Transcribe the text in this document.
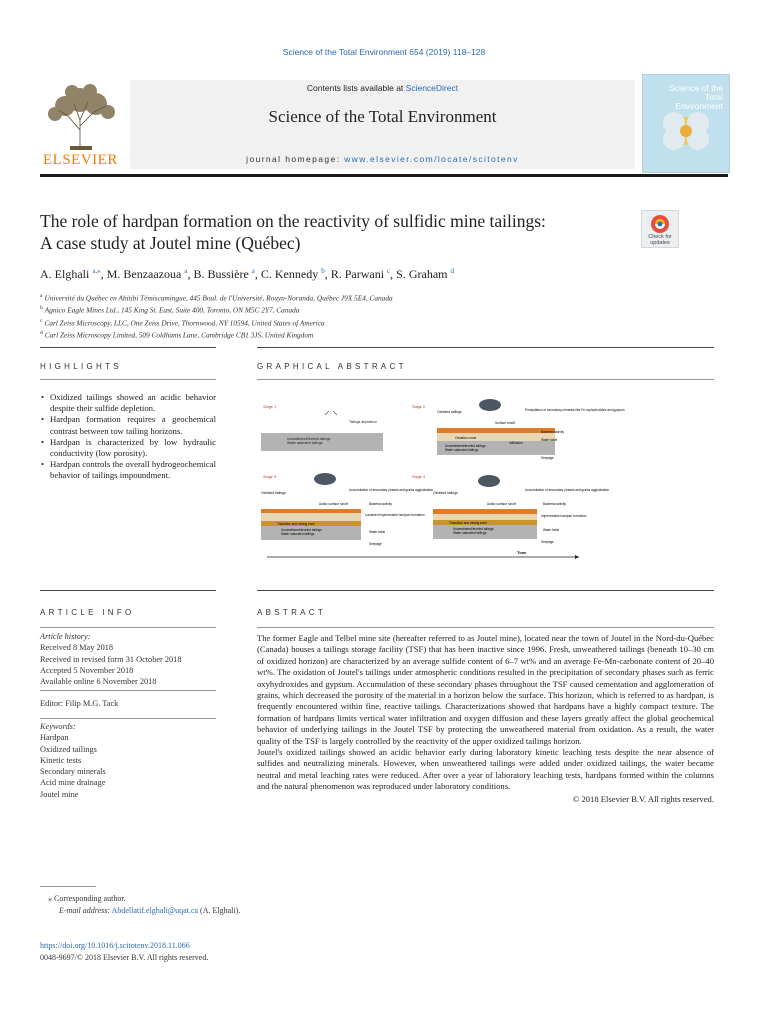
Science of the Total Environment 654 (2019) 118–128
ELSEVIER
Contents lists available at ScienceDirect
Science of the Total Environment
journal homepage: www.elsevier.com/locate/scitotenv
Science of the Total Environment
The role of hardpan formation on the reactivity of sulfidic mine tailings:
A case study at Joutel mine (Québec)	Check for updates
A. Elghali $^{a,⁎}$, M. Benzaazoua $^a$, B. Bussière $^a$, C. Kennedy $^b$, R. Parwani $^c$, S. Graham $^d$
$^a$ Université du Québec en Abitibi Témiscamingue, 445 Boul. de l'Université, Rouyn-Noranda, Québec J9X 5E4, Canada
$^b$ Agnico Eagle Mines Ltd., 145 King St. East, Suite 400, Toronto, ON M5C 2Y7, Canada
$^c$ Carl Zeiss Microscopy, LLC, One Zeiss Drive, Thornwood, NY 10594, United States of America
$^d$ Carl Zeiss Microscopy Limited, 509 Coldhams Lane, Cambridge CB1 3JS, United Kingdom
HIGHLIGHTS	GRAPHICAL ABSTRACT
• Oxidized tailings showed an acidic behavior despite their sulfide depletion.
• Hardpan formation requires a geochemical contrast between tow tailing horizons.
• Hardpan is characterized by low hydraulic conductivity (low porosity).
• Hardpan controls the overall hydrogeochemical behavior of tailings impoundment.
Stage 1
Unweathered/leveled tailings
Water saturated tailings
Tailings deposition
Stage 2
Oxidized tailings	Precipitation of secondary minerals like Fe-oxyhydroxides and gypsum
Surface runoff
Oxidation zone
Unweathered/leveled tailings
Water saturated tailings
Bacterial activity
Water table
Infiltration
Seepage
Stage 3
Oxidized tailings
Accumulation of secondary phases and grains agglutination
Acidic surface runoff	Bacterial activity
Transition and mixing zone
Unweathered/leveled tailings
Water saturated tailings
Localized impermeable hardpan formation
Water table
Seepage
Stage 4
Oxidized tailings
Accumulation of secondary phases and grains agglutination
Acidic surface runoff	Bacterial activity
Transition and mixing zone
Unweathered/leveled tailings
Water saturated tailings
Impermeable hardpan formation
Water table
Seepage
Time
ARTICLE INFO	ABSTRACT
Article history:
Received 8 May 2018
Received in revised form 31 October 2018
Accepted 5 November 2018
Available online 6 November 2018
Editor: Filip M.G. Tack
Keywords:
Hardpan
Oxidized tailings
Kinetic tests
Secondary minerals
Acid mine drainage
Joutel mine

The former Eagle and Telbel mine site (hereafter referred to as Joutel mine), located near the town of Joutel in the Nord-du-Québec (Canada) houses a tailings storage facility (TSF) that has been inactive since 1996. Fresh, unweathered tailings (beneath 10–30 cm of oxidized horizon) are characterized by an average sulfide content of 6–7 wt% and an average Fe-Mn-carbonate content of 20–40 wt%. The oxidation of Joutel's tailings under atmospheric conditions resulted in the precipitation of secondary phases such as ferric oxyhydroxides and gypsum. Accumulation of these secondary phases throughout the TSF caused cementation and agglomeration of grains, which decreased the porosity of the material in a horizon below the surface. This horizon, which is referred to as hardpan, is frequently encountered within fine, reactive tailings. Characterizations showed that hardpans have a highly compact texture. The formation of hardpans limits vertical water infiltration and oxygen diffusion and these layers greatly affect the global geochemical behavior of underlying tailings in the Joutel TSF by protecting the unweathered material from oxidation. As a result, the water quality of the TSF is largely controlled by the reactivity of the upper oxidized tailings horizon.

Joutel's oxidized tailings showed an acidic behavior early during laboratory kinetic leaching tests despite the near absence of sulfides and neutralizing minerals. However, when unweathered tailings were added under oxidized tailings, the water became neutral and metal leaching rates were reduced. After over a year of laboratory leaching tests, hardpans formed within the columns and the natural phenomenon was reproduced under laboratory conditions.

© 2018 Elsevier B.V. All rights reserved.
⁎ Corresponding author.
E-mail address: Abdellatif.elghali@uqat.ca (A. Elghali).
https://doi.org/10.1016/j.scitotenv.2018.11.066
0048-9697/© 2018 Elsevier B.V. All rights reserved.
